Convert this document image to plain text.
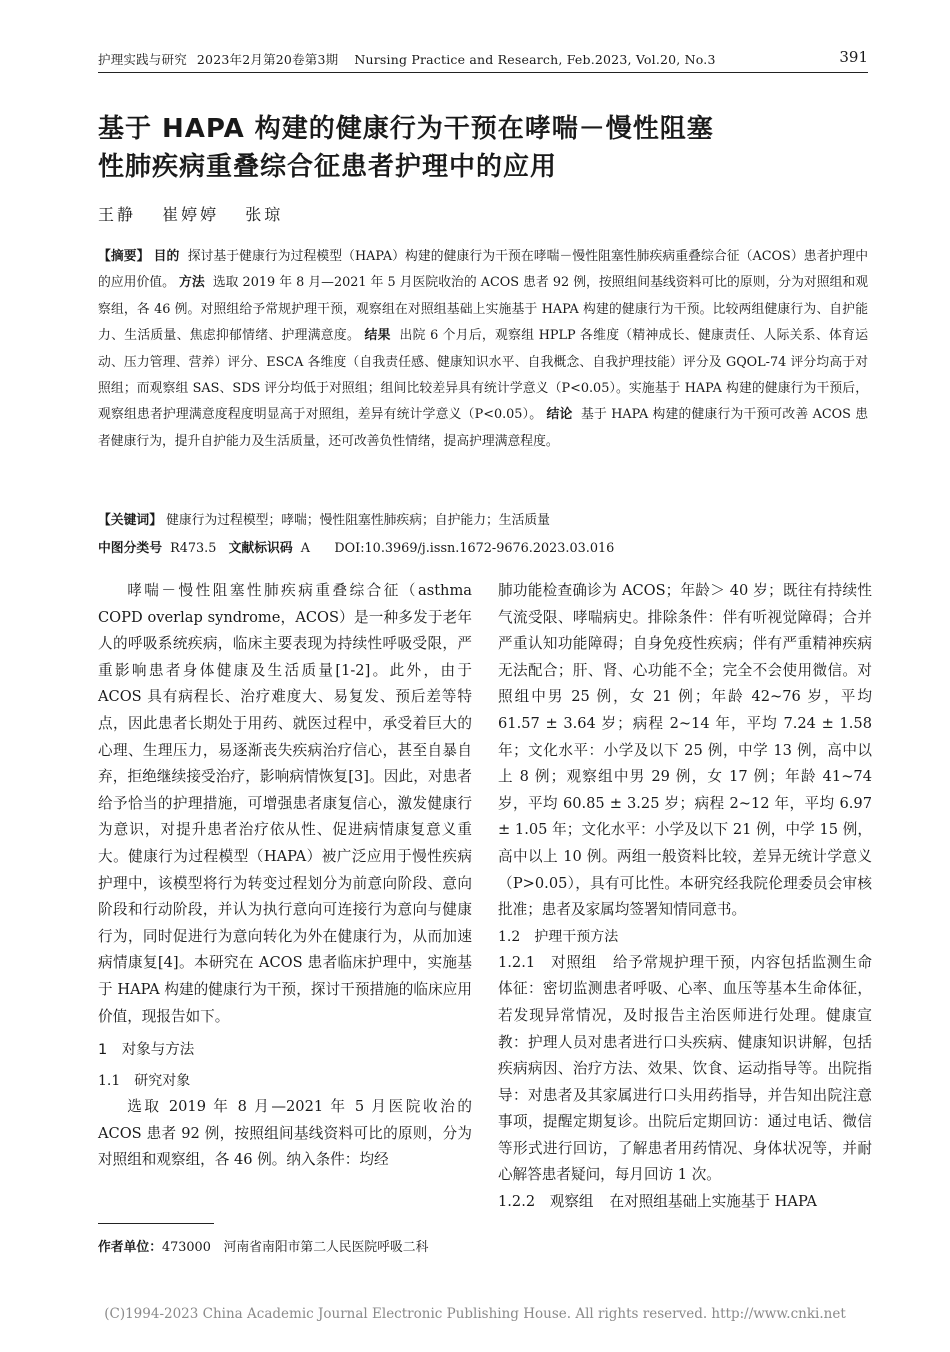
护理实践与研究 2023年2月第20卷第3期 Nursing Practice and Research, Feb.2023, Vol.20, No.3	391
基于 HAPA 构建的健康行为干预在哮喘－慢性阻塞
性肺疾病重叠综合征患者护理中的应用
王静 崔婷婷 张琼
【摘要】 目的 探讨基于健康行为过程模型（HAPA）构建的健康行为干预在哮喘－慢性阻塞性肺疾病重叠综合征（ACOS）患者护理中的应用价值。 方法 选取 2019 年 8 月—2021 年 5 月医院收治的 ACOS 患者 92 例，按照组间基线资料可比的原则，分为对照组和观察组，各 46 例。对照组给予常规护理干预，观察组在对照组基础上实施基于 HAPA 构建的健康行为干预。比较两组健康行为、自护能力、生活质量、焦虑抑郁情绪、护理满意度。 结果 出院 6 个月后，观察组 HPLP 各维度（精神成长、健康责任、人际关系、体育运动、压力管理、营养）评分、ESCA 各维度（自我责任感、健康知识水平、自我概念、自我护理技能）评分及 GQOL-74 评分均高于对照组；而观察组 SAS、SDS 评分均低于对照组；组间比较差异具有统计学意义（P<0.05）。实施基于 HAPA 构建的健康行为干预后，观察组患者护理满意度程度明显高于对照组，差异有统计学意义（P<0.05）。 结论 基于 HAPA 构建的健康行为干预可改善 ACOS 患者健康行为，提升自护能力及生活质量，还可改善负性情绪，提高护理满意程度。
【关键词】 健康行为过程模型；哮喘；慢性阻塞性肺疾病；自护能力；生活质量
中图分类号 R473.5 文献标识码 A DOI:10.3969/j.issn.1672-9676.2023.03.016

哮喘－慢性阻塞性肺疾病重叠综合征（asthma COPD overlap syndrome，ACOS）是一种多发于老年人的呼吸系统疾病，临床主要表现为持续性呼吸受限，严重影响患者身体健康及生活质量[1-2]。此外，由于 ACOS 具有病程长、治疗难度大、易复发、预后差等特点，因此患者长期处于用药、就医过程中，承受着巨大的心理、生理压力，易逐渐丧失疾病治疗信心，甚至自暴自弃，拒绝继续接受治疗，影响病情恢复[3]。因此，对患者给予恰当的护理措施，可增强患者康复信心，激发健康行为意识，对提升患者治疗依从性、促进病情康复意义重大。健康行为过程模型（HAPA）被广泛应用于慢性疾病护理中，该模型将行为转变过程划分为前意向阶段、意向阶段和行动阶段，并认为执行意向可连接行为意向与健康行为，同时促进行为意向转化为外在健康行为，从而加速病情康复[4]。本研究在 ACOS 患者临床护理中，实施基于 HAPA 构建的健康行为干预，探讨干预措施的临床应用价值，现报告如下。

1　对象与方法
1.1　研究对象

选取 2019 年 8 月—2021 年 5 月医院收治的 ACOS 患者 92 例，按照组间基线资料可比的原则，分为对照组和观察组，各 46 例。纳入条件：均经

肺功能检查确诊为 ACOS；年龄＞ 40 岁；既往有持续性气流受限、哮喘病史。排除条件：伴有听视觉障碍；合并严重认知功能障碍；自身免疫性疾病；伴有严重精神疾病无法配合；肝、肾、心功能不全；完全不会使用微信。对照组中男 25 例，女 21 例；年龄 42~76 岁，平均 61.57 ± 3.64 岁；病程 2~14 年，平均 7.24 ± 1.58 年；文化水平：小学及以下 25 例，中学 13 例，高中以上 8 例；观察组中男 29 例，女 17 例；年龄 41~74 岁，平均 60.85 ± 3.25 岁；病程 2~12 年，平均 6.97 ± 1.05 年；文化水平：小学及以下 21 例，中学 15 例，高中以上 10 例。两组一般资料比较，差异无统计学意义（P>0.05），具有可比性。本研究经我院伦理委员会审核批准；患者及家属均签署知情同意书。

1.2　护理干预方法

1.2.1　对照组 给予常规护理干预，内容包括监测生命体征：密切监测患者呼吸、心率、血压等基本生命体征，若发现异常情况，及时报告主治医师进行处理。健康宣教：护理人员对患者进行口头疾病、健康知识讲解，包括疾病病因、治疗方法、效果、饮食、运动指导等。出院指导：对患者及其家属进行口头用药指导，并告知出院注意事项，提醒定期复诊。出院后定期回访：通过电话、微信等形式进行回访，了解患者用药情况、身体状况等，并耐心解答患者疑问，每月回访 1 次。

1.2.2　观察组 在对照组基础上实施基于 HAPA

作者单位：473000　河南省南阳市第二人民医院呼吸二科
(C)1994-2023 China Academic Journal Electronic Publishing House. All rights reserved. http://www.cnki.net
